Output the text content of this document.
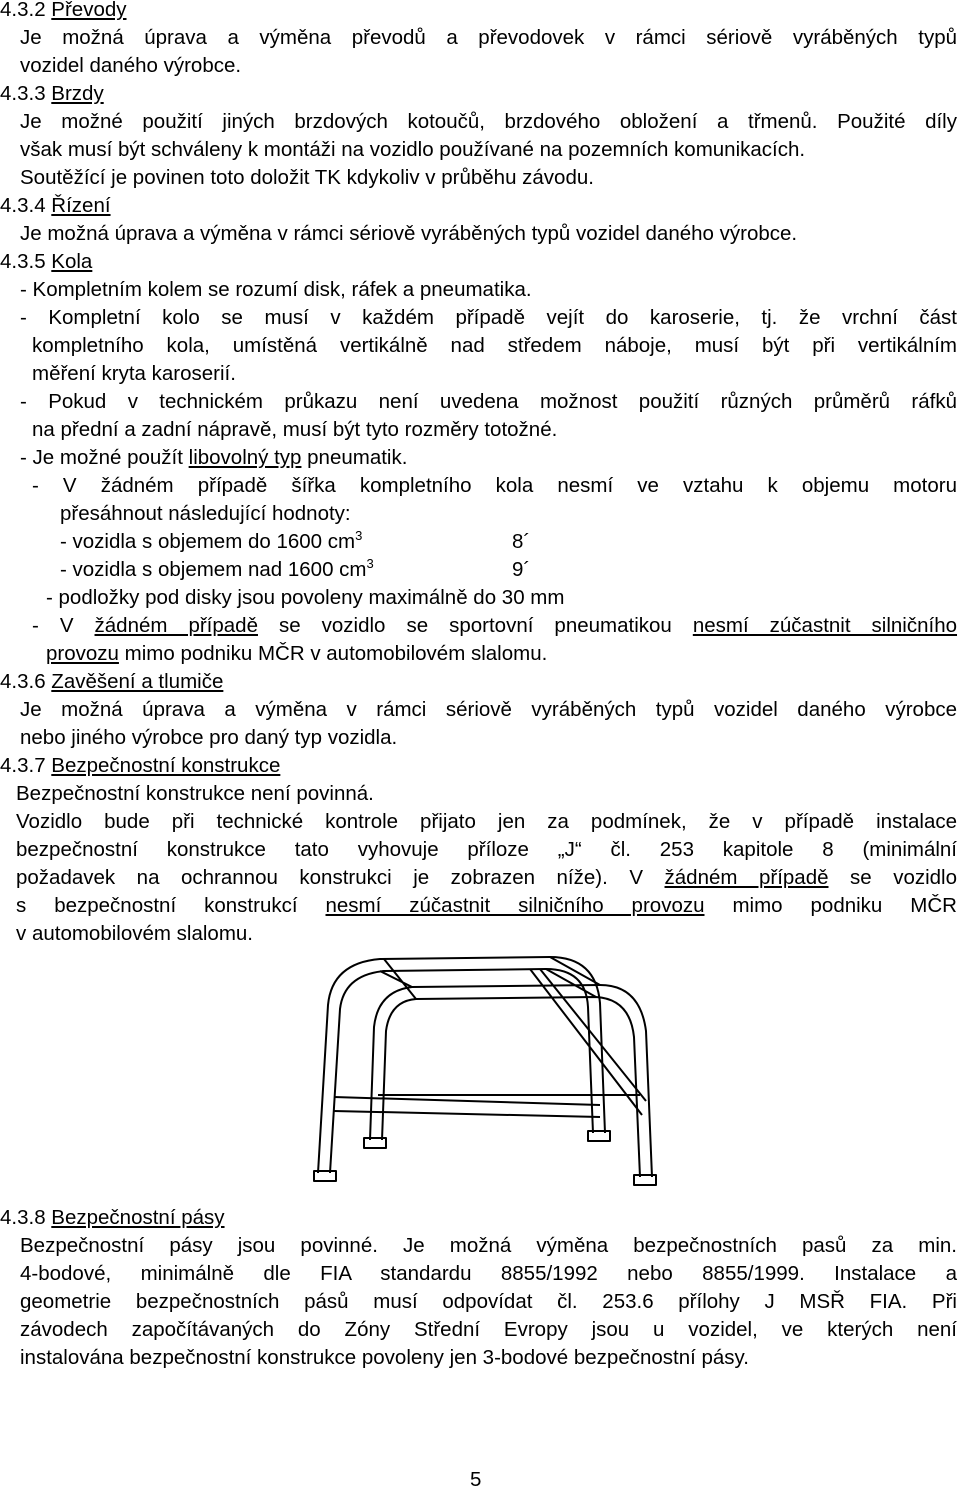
4.3.2 Převody
Je možná úprava a výměna převodů a převodovek v rámci sériově vyráběných typů
vozidel daného výrobce.
4.3.3 Brzdy
Je možné použití jiných brzdových kotoučů, brzdového obložení a třmenů. Použité díly
však musí být schváleny k montáži na vozidlo používané na pozemních komunikacích.
Soutěžící je povinen toto doložit TK kdykoliv v průběhu závodu.
4.3.4 Řízení
Je možná úprava a výměna v rámci sériově vyráběných typů vozidel daného výrobce.
4.3.5 Kola
- Kompletním kolem se rozumí disk, ráfek a pneumatika.
- Kompletní kolo se musí v každém případě vejít do karoserie, tj. že vrchní část
kompletního kola, umístěná vertikálně nad středem náboje, musí být při vertikálním
měření kryta karoserií.
- Pokud v technickém průkazu není uvedena možnost použití různých průměrů ráfků
na přední a zadní nápravě, musí být tyto rozměry totožné.
- Je možné použít libovolný typ pneumatik.
- V žádném případě šířka kompletního kola nesmí ve vztahu k objemu motoru
přesáhnout následující hodnoty:
- vozidla s objemem do 1600 $cm^3$	8´
- vozidla s objemem nad 1600 $cm^3$	9´
- podložky pod disky jsou povoleny maximálně do 30 mm
- V žádném případě se vozidlo se sportovní pneumatikou nesmí zúčastnit silničního
provozu mimo podniku MČR v automobilovém slalomu.
4.3.6 Zavěšení a tlumiče
Je možná úprava a výměna v rámci sériově vyráběných typů vozidel daného výrobce
nebo jiného výrobce pro daný typ vozidla.
4.3.7 Bezpečnostní konstrukce
Bezpečnostní konstrukce není povinná.
Vozidlo bude při technické kontrole přijato jen za podmínek, že v případě instalace
bezpečnostní konstrukce tato vyhovuje příloze „J“ čl. 253 kapitole 8 (minimální
požadavek na ochrannou konstrukci je zobrazen níže). V žádném případě se vozidlo
s bezpečnostní konstrukcí nesmí zúčastnit silničního provozu mimo podniku MČR
v automobilovém slalomu.
4.3.8 Bezpečnostní pásy
Bezpečnostní pásy jsou povinné. Je možná výměna bezpečnostních pasů za min.
4-bodové, minimálně dle FIA standardu 8855/1992 nebo 8855/1999. Instalace a
geometrie bezpečnostních pásů musí odpovídat čl. 253.6 přílohy J MSŘ FIA. Při
závodech započítávaných do Zóny Střední Evropy jsou u vozidel, ve kterých není
instalována bezpečnostní konstrukce povoleny jen 3-bodové bezpečnostní pásy.
5
